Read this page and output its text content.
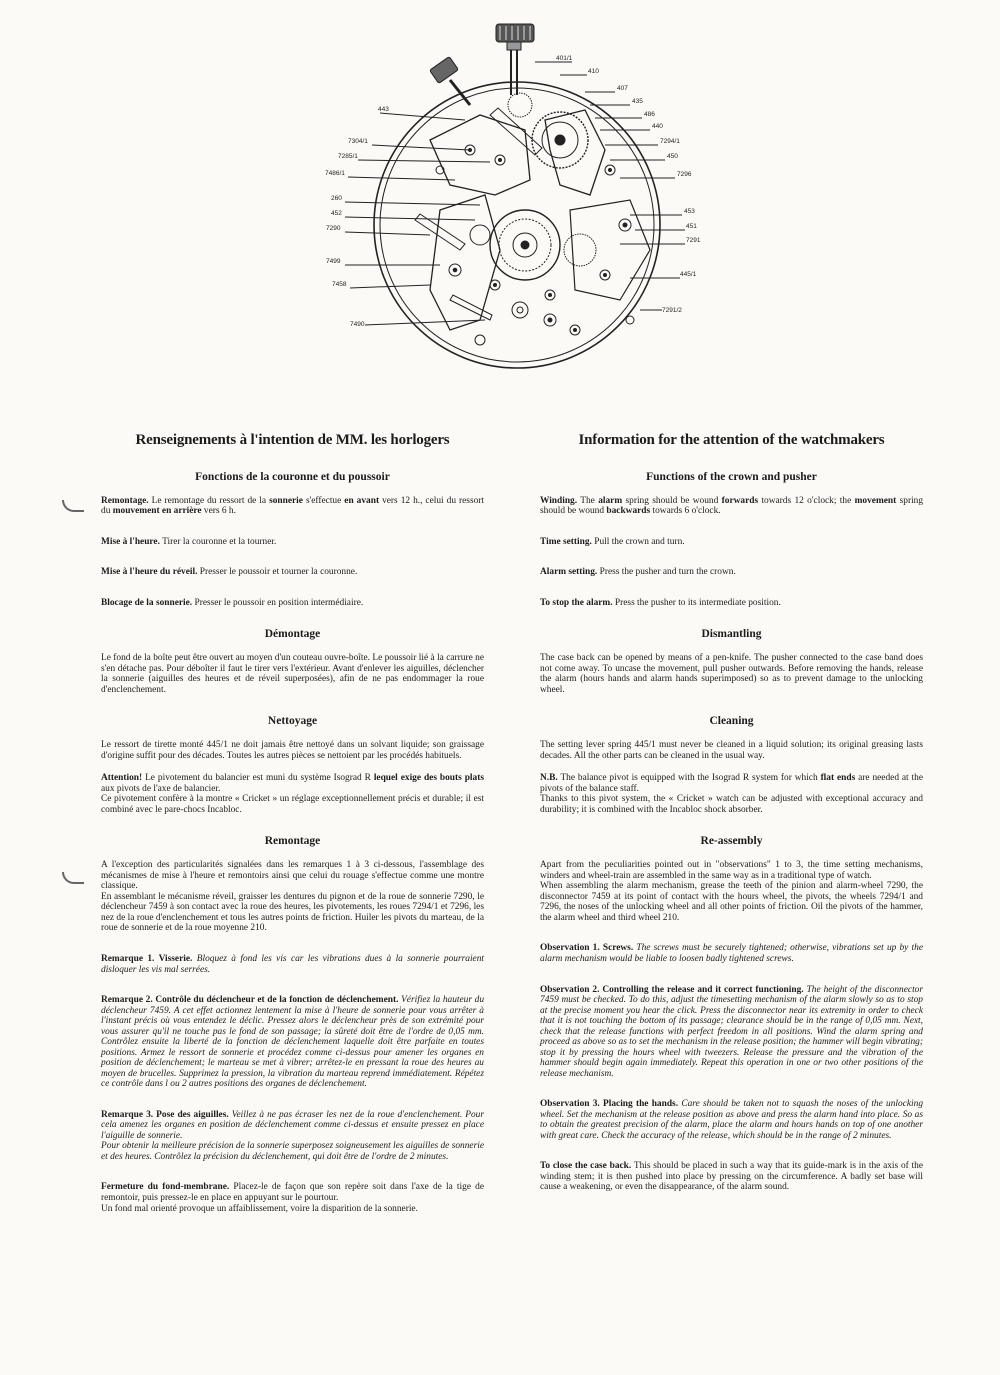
443
7304/1
7285/1
7486/1
260
452
7290
7499
7458
7490
401/1
410
407
435
486
440
7294/1
450
7296
453
451
7291
445/1
7291/2
Renseignements à l'intention de MM. les horlogers
Fonctions de la couronne et du poussoir

Remontage. Le remontage du ressort de la sonnerie s'effectue en avant vers 12 h., celui du ressort du mouvement en arrière vers 6 h.

Mise à l'heure. Tirer la couronne et la tourner.

Mise à l'heure du réveil. Presser le poussoir et tourner la couronne.

Blocage de la sonnerie. Presser le poussoir en position intermédiaire.

Démontage

Le fond de la boîte peut être ouvert au moyen d'un couteau ouvre-boîte. Le poussoir lié à la carrure ne s'en détache pas. Pour déboîter il faut le tirer vers l'extérieur. Avant d'enlever les aiguilles, déclencher la sonnerie (aiguilles des heures et de réveil superposées), afin de ne pas endommager la roue d'enclenchement.

Nettoyage

Le ressort de tirette monté 445/1 ne doit jamais être nettoyé dans un solvant liquide; son graissage d'origine suffit pour des décades. Toutes les autres pièces se nettoient par les procédés habituels.

Attention! Le pivotement du balancier est muni du système Isograd R lequel exige des bouts plats aux pivots de l'axe de balancier.
Ce pivotement confère à la montre « Cricket » un réglage exceptionnellement précis et durable; il est combiné avec le pare-chocs Incabloc.

Remontage

A l'exception des particularités signalées dans les remarques 1 à 3 ci-dessous, l'assemblage des mécanismes de mise à l'heure et remontoirs ainsi que celui du rouage s'effectue comme une montre classique.
En assemblant le mécanisme réveil, graisser les dentures du pignon et de la roue de sonnerie 7290, le déclencheur 7459 à son contact avec la roue des heures, les pivotements, les roues 7294/1 et 7296, les nez de la roue d'enclenchement et tous les autres points de friction. Huiler les pivots du marteau, de la roue de sonnerie et de la roue moyenne 210.

Remarque 1. Visserie. Bloquez à fond les vis car les vibrations dues à la sonnerie pourraient disloquer les vis mal serrées.

Remarque 2. Contrôle du déclencheur et de la fonction de déclenchement. Vérifiez la hauteur du déclencheur 7459. A cet effet actionnez lentement la mise à l'heure de sonnerie pour vous arrêter à l'instant précis où vous entendez le déclic. Pressez alors le déclencheur près de son extrémité pour vous assurer qu'il ne touche pas le fond de son passage; la sûreté doit être de l'ordre de 0,05 mm. Contrôlez ensuite la liberté de la fonction de déclenchement laquelle doit être parfaite en toutes positions. Armez le ressort de sonnerie et procédez comme ci-dessus pour amener les organes en position de déclenchement; le marteau se met à vibrer; arrêtez-le en pressant la roue des heures au moyen de brucelles. Supprimez la pression, la vibration du marteau reprend immédiatement. Répétez ce contrôle dans l ou 2 autres positions des organes de déclenchement.

Remarque 3. Pose des aiguilles. Veillez à ne pas écraser les nez de la roue d'enclenchement. Pour cela amenez les organes en position de déclenchement comme ci-dessus et ensuite pressez en place l'aiguille de sonnerie.
Pour obtenir la meilleure précision de la sonnerie superposez soigneusement les aiguilles de sonnerie et des heures. Contrôlez la précision du déclenchement, qui doit être de l'ordre de 2 minutes.

Fermeture du fond-membrane. Placez-le de façon que son repère soit dans l'axe de la tige de remontoir, puis pressez-le en place en appuyant sur le pourtour.
Un fond mal orienté provoque un affaiblissement, voire la disparition de la sonnerie.

Information for the attention of the watchmakers
Functions of the crown and pusher

Winding. The alarm spring should be wound forwards towards 12 o'clock; the movement spring should be wound backwards towards 6 o'clock.

Time setting. Pull the crown and turn.

Alarm setting. Press the pusher and turn the crown.

To stop the alarm. Press the pusher to its intermediate position.

Dismantling

The case back can be opened by means of a pen-knife. The pusher connected to the case band does not come away. To uncase the movement, pull pusher outwards. Before removing the hands, release the alarm (hours hands and alarm hands superimposed) so as to prevent damage to the unlocking wheel.

Cleaning

The setting lever spring 445/1 must never be cleaned in a liquid solution; its original greasing lasts decades. All the other parts can be cleaned in the usual way.

N.B. The balance pivot is equipped with the Isograd R system for which flat ends are needed at the pivots of the balance staff.
Thanks to this pivot system, the « Cricket » watch can be adjusted with exceptional accuracy and durability; it is combined with the Incabloc shock absorber.

Re-assembly

Apart from the peculiarities pointed out in "observations" 1 to 3, the time setting mechanisms, winders and wheel-train are assembled in the same way as in a traditional type of watch.
When assembling the alarm mechanism, grease the teeth of the pinion and alarm-wheel 7290, the disconnector 7459 at its point of contact with the hours wheel, the pivots, the wheels 7294/1 and 7296, the noses of the unlocking wheel and all other points of friction. Oil the pivots of the hammer, the alarm wheel and third wheel 210.

Observation 1. Screws. The screws must be securely tightened; otherwise, vibrations set up by the alarm mechanism would be liable to loosen badly tightened screws.

Observation 2. Controlling the release and it correct functioning. The height of the disconnector 7459 must be checked. To do this, adjust the timesetting mechanism of the alarm slowly so as to stop at the precise moment you hear the click. Press the disconnector near its extremity in order to check that it is not touching the bottom of its passage; clearance should be in the range of 0,05 mm. Next, check that the release functions with perfect freedom in all positions. Wind the alarm spring and proceed as above so as to set the mechanism in the release position; the hammer will begin vibrating; stop it by pressing the hours wheel with tweezers. Release the pressure and the vibration of the hammer should begin again immediately. Repeat this operation in one or two other positions of the release mechanism.

Observation 3. Placing the hands. Care should be taken not to squash the noses of the unlocking wheel. Set the mechanism at the release position as above and press the alarm hand into place. So as to obtain the greatest precision of the alarm, place the alarm and hours hands on top of one another with great care. Check the accuracy of the release, which should be in the range of 2 minutes.

To close the case back. This should be placed in such a way that its guide-mark is in the axis of the winding stem; it is then pushed into place by pressing on the circumference. A badly set base will cause a weakening, or even the disappearance, of the alarm sound.
